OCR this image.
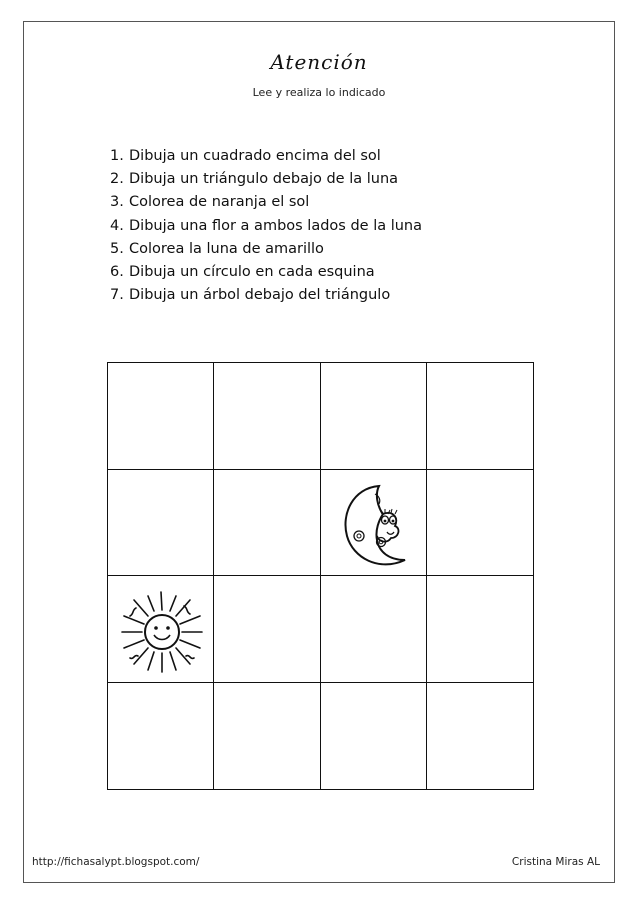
Atención

Lee y realiza lo indicado

1. Dibuja un cuadrado encima del sol
2. Dibuja un triángulo debajo de la luna
3. Colorea de naranja el sol
4. Dibuja una flor a ambos lados de la luna
5. Colorea la luna de amarillo
6. Dibuja un círculo en cada esquina
7. Dibuja un árbol debajo del triángulo
http://fichasalypt.blogspot.com/	Cristina Miras AL
